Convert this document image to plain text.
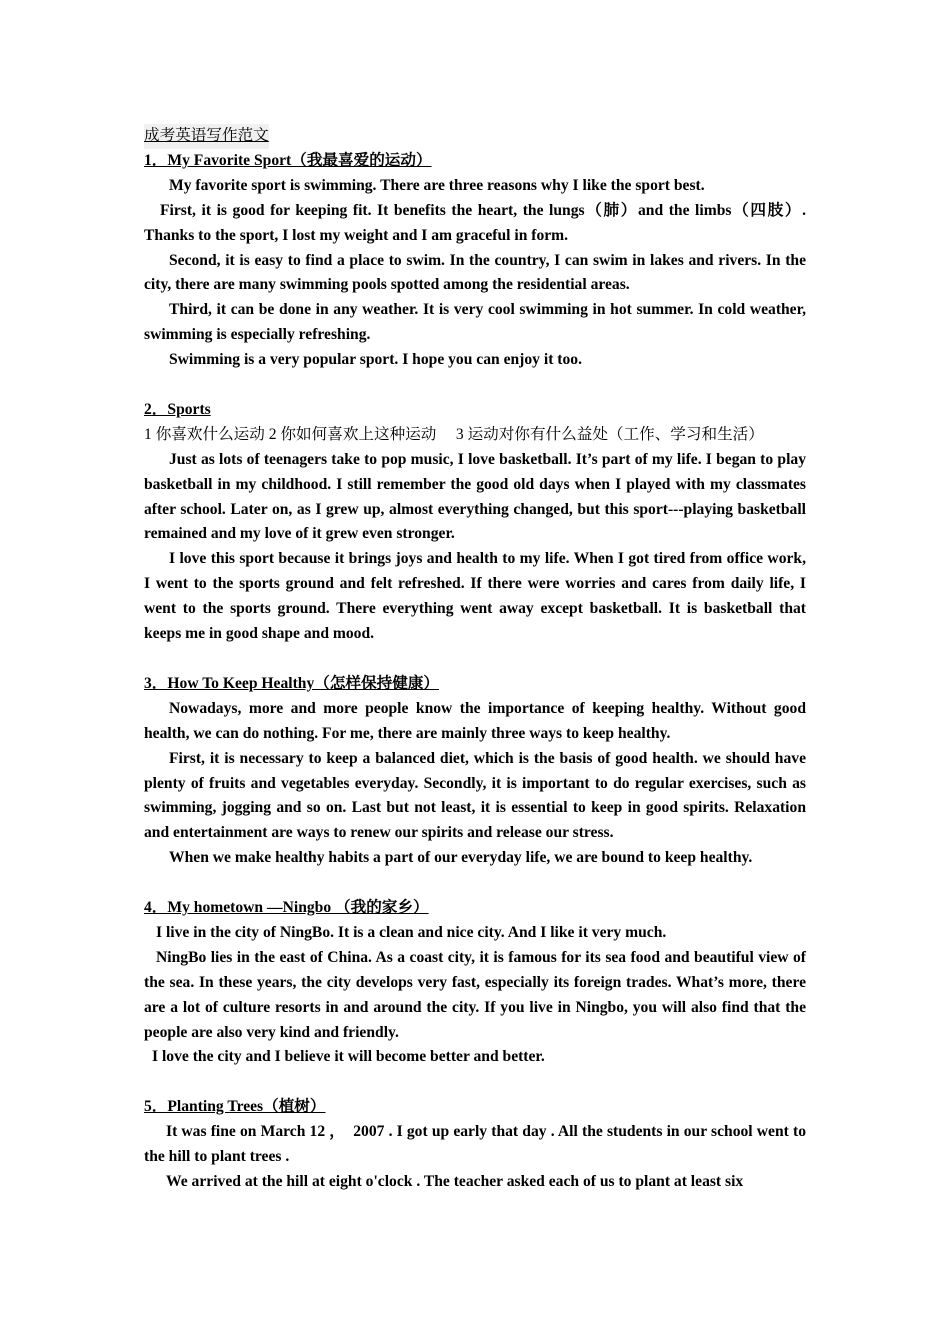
成考英语写作范文
1．My Favorite Sport（我最喜爱的运动）

My favorite sport is swimming. There are three reasons why I like the sport best.

First, it is good for keeping fit. It benefits the heart, the lungs（肺）and the limbs（四肢）. Thanks to the sport, I lost my weight and I am graceful in form.

Second, it is easy to find a place to swim. In the country, I can swim in lakes and rivers. In the city, there are many swimming pools spotted among the residential areas.

Third, it can be done in any weather. It is very cool swimming in hot summer. In cold weather, swimming is especially refreshing.

Swimming is a very popular sport. I hope you can enjoy it too.

2．Sports
1 你喜欢什么运动 2 你如何喜欢上这种运动　 3 运动对你有什么益处（工作、学习和生活）

Just as lots of teenagers take to pop music, I love basketball. It’s part of my life. I began to play basketball in my childhood. I still remember the good old days when I played with my classmates after school. Later on, as I grew up, almost everything changed, but this sport---playing basketball remained and my love of it grew even stronger.

I love this sport because it brings joys and health to my life. When I got tired from office work, I went to the sports ground and felt refreshed. If there were worries and cares from daily life, I went to the sports ground. There everything went away except basketball. It is basketball that keeps me in good shape and mood.

3．How To Keep Healthy（怎样保持健康）

Nowadays, more and more people know the importance of keeping healthy. Without good health, we can do nothing. For me, there are mainly three ways to keep healthy.

First, it is necessary to keep a balanced diet, which is the basis of good health. we should have plenty of fruits and vegetables everyday. Secondly, it is important to do regular exercises, such as swimming, jogging and so on. Last but not least, it is essential to keep in good spirits. Relaxation and entertainment are ways to renew our spirits and release our stress.

When we make healthy habits a part of our everyday life, we are bound to keep healthy.

4．My hometown —Ningbo （我的家乡）

I live in the city of NingBo. It is a clean and nice city. And I like it very much.

NingBo lies in the east of China. As a coast city, it is famous for its sea food and beautiful view of the sea. In these years, the city develops very fast, especially its foreign trades. What’s more, there are a lot of culture resorts in and around the city. If you live in Ningbo, you will also find that the people are also very kind and friendly.

I love the city and I believe it will become better and better.

5．Planting Trees（植树）

It was fine on March 12 ，　2007 . I got up early that day . All the students in our school went to the hill to plant trees .

We arrived at the hill at eight o'clock . The teacher asked each of us to plant at least six
